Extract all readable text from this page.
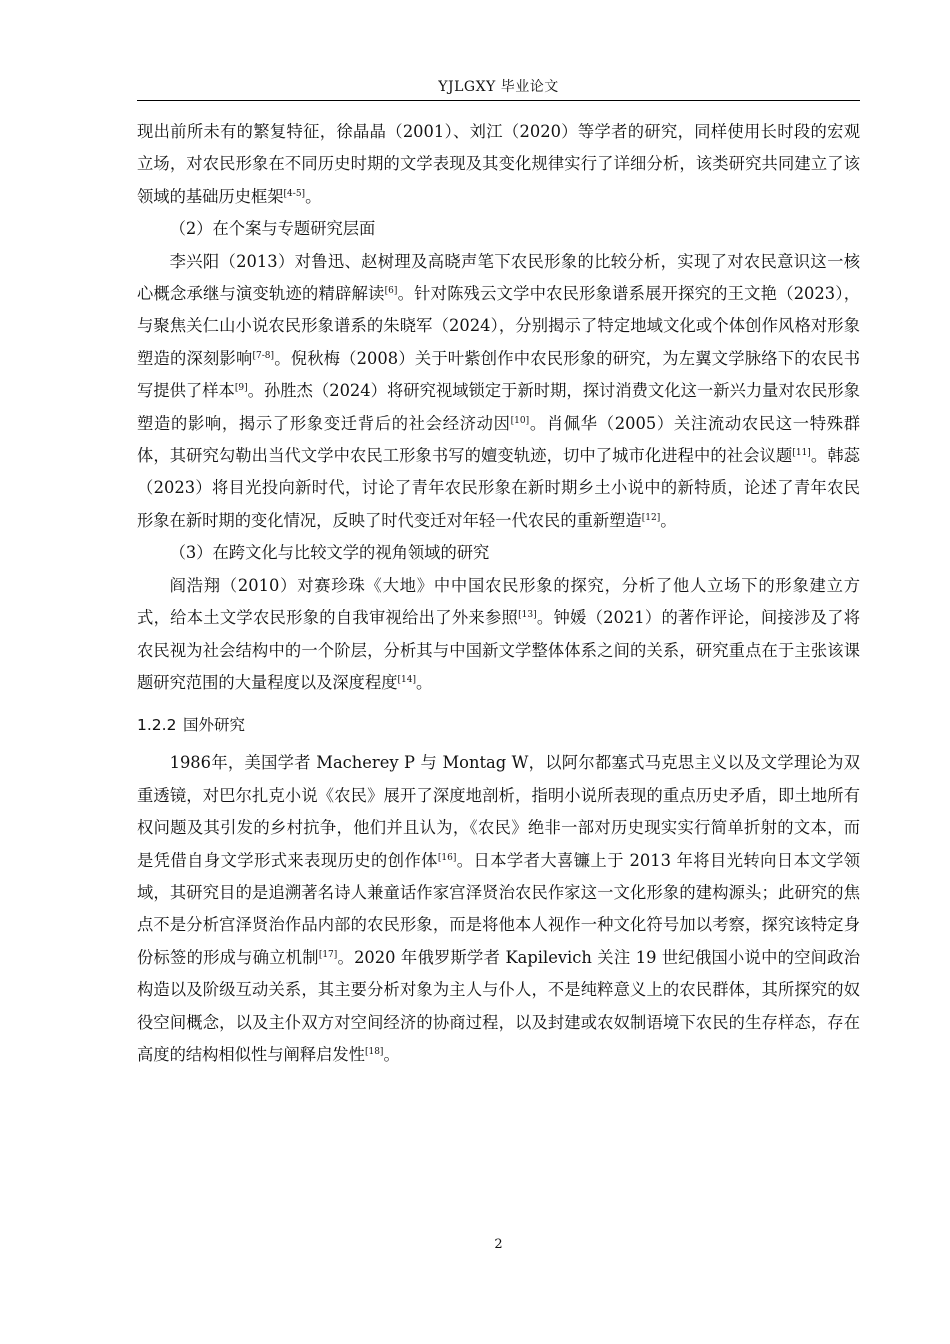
YJLGXY 毕业论文

现出前所未有的繁复特征，徐晶晶（2001）、刘江（2020）等学者的研究，同样使用长时段的宏观立场，对农民形象在不同历史时期的文学表现及其变化规律实行了详细分析，该类研究共同建立了该领域的基础历史框架[4-5]。

（2）在个案与专题研究层面

李兴阳（2013）对鲁迅、赵树理及高晓声笔下农民形象的比较分析，实现了对农民意识这一核心概念承继与演变轨迹的精辟解读[6]。针对陈残云文学中农民形象谱系展开探究的王文艳（2023），与聚焦关仁山小说农民形象谱系的朱晓军（2024），分别揭示了特定地域文化或个体创作风格对形象塑造的深刻影响[7-8]。倪秋梅（2008）关于叶紫创作中农民形象的研究，为左翼文学脉络下的农民书写提供了样本[9]。孙胜杰（2024）将研究视域锁定于新时期，探讨消费文化这一新兴力量对农民形象塑造的影响，揭示了形象变迁背后的社会经济动因[10]。肖佩华（2005）关注流动农民这一特殊群体，其研究勾勒出当代文学中农民工形象书写的嬗变轨迹，切中了城市化进程中的社会议题[11]。韩蕊（2023）将目光投向新时代，讨论了青年农民形象在新时期乡土小说中的新特质，论述了青年农民形象在新时期的变化情况，反映了时代变迁对年轻一代农民的重新塑造[12]。

（3）在跨文化与比较文学的视角领域的研究

阎浩翔（2010）对赛珍珠《大地》中中国农民形象的探究，分析了他人立场下的形象建立方式，给本土文学农民形象的自我审视给出了外来参照[13]。钟媛（2021）的著作评论，间接涉及了将农民视为社会结构中的一个阶层，分析其与中国新文学整体体系之间的关系，研究重点在于主张该课题研究范围的大量程度以及深度程度[14]。

1.2.2 国外研究

1986年，美国学者 Macherey P 与 Montag W，以阿尔都塞式马克思主义以及文学理论为双重透镜，对巴尔扎克小说《农民》展开了深度地剖析，指明小说所表现的重点历史矛盾，即土地所有权问题及其引发的乡村抗争，他们并且认为，《农民》绝非一部对历史现实实行简单折射的文本，而是凭借自身文学形式来表现历史的创作体[16]。日本学者大喜镰上于 2013 年将目光转向日本文学领域，其研究目的是追溯著名诗人兼童话作家宫泽贤治农民作家这一文化形象的建构源头；此研究的焦点不是分析宫泽贤治作品内部的农民形象，而是将他本人视作一种文化符号加以考察，探究该特定身份标签的形成与确立机制[17]。2020 年俄罗斯学者 Kapilevich 关注 19 世纪俄国小说中的空间政治构造以及阶级互动关系，其主要分析对象为主人与仆人，不是纯粹意义上的农民群体，其所探究的奴役空间概念，以及主仆双方对空间经济的协商过程，以及封建或农奴制语境下农民的生存样态，存在高度的结构相似性与阐释启发性[18]。

2
